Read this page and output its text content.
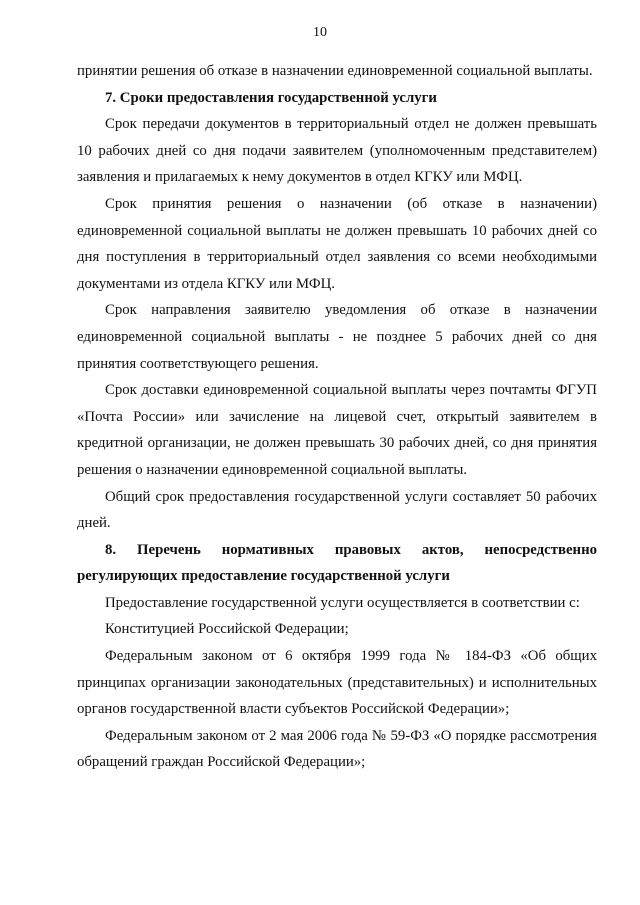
10

принятии решения об отказе в назначении единовременной социальной выплаты.

7. Сроки предоставления государственной услуги

Срок передачи документов в территориальный отдел не должен превышать 10 рабочих дней со дня подачи заявителем (уполномоченным представителем) заявления и прилагаемых к нему документов в отдел КГКУ или МФЦ.

Срок принятия решения о назначении (об отказе в назначении) единовременной социальной выплаты не должен превышать 10 рабочих дней со дня поступления в территориальный отдел заявления со всеми необходимыми документами из отдела КГКУ или МФЦ.

Срок направления заявителю уведомления об отказе в назначении единовременной социальной выплаты - не позднее 5 рабочих дней со дня принятия соответствующего решения.

Срок доставки единовременной социальной выплаты через почтамты ФГУП «Почта России» или зачисление на лицевой счет, открытый заявителем в кредитной организации, не должен превышать 30 рабочих дней, со дня принятия решения о назначении единовременной социальной выплаты.

Общий срок предоставления государственной услуги составляет 50 рабочих дней.

8. Перечень нормативных правовых актов, непосредственно регулирующих предоставление государственной услуги

Предоставление государственной услуги осуществляется в соответствии с:

Конституцией Российской Федерации;

Федеральным законом от 6 октября 1999 года № 184-ФЗ «Об общих принципах организации законодательных (представительных) и исполнительных органов государственной власти субъектов Российской Федерации»;

Федеральным законом от 2 мая 2006 года № 59-ФЗ «О порядке рассмотрения обращений граждан Российской Федерации»;
